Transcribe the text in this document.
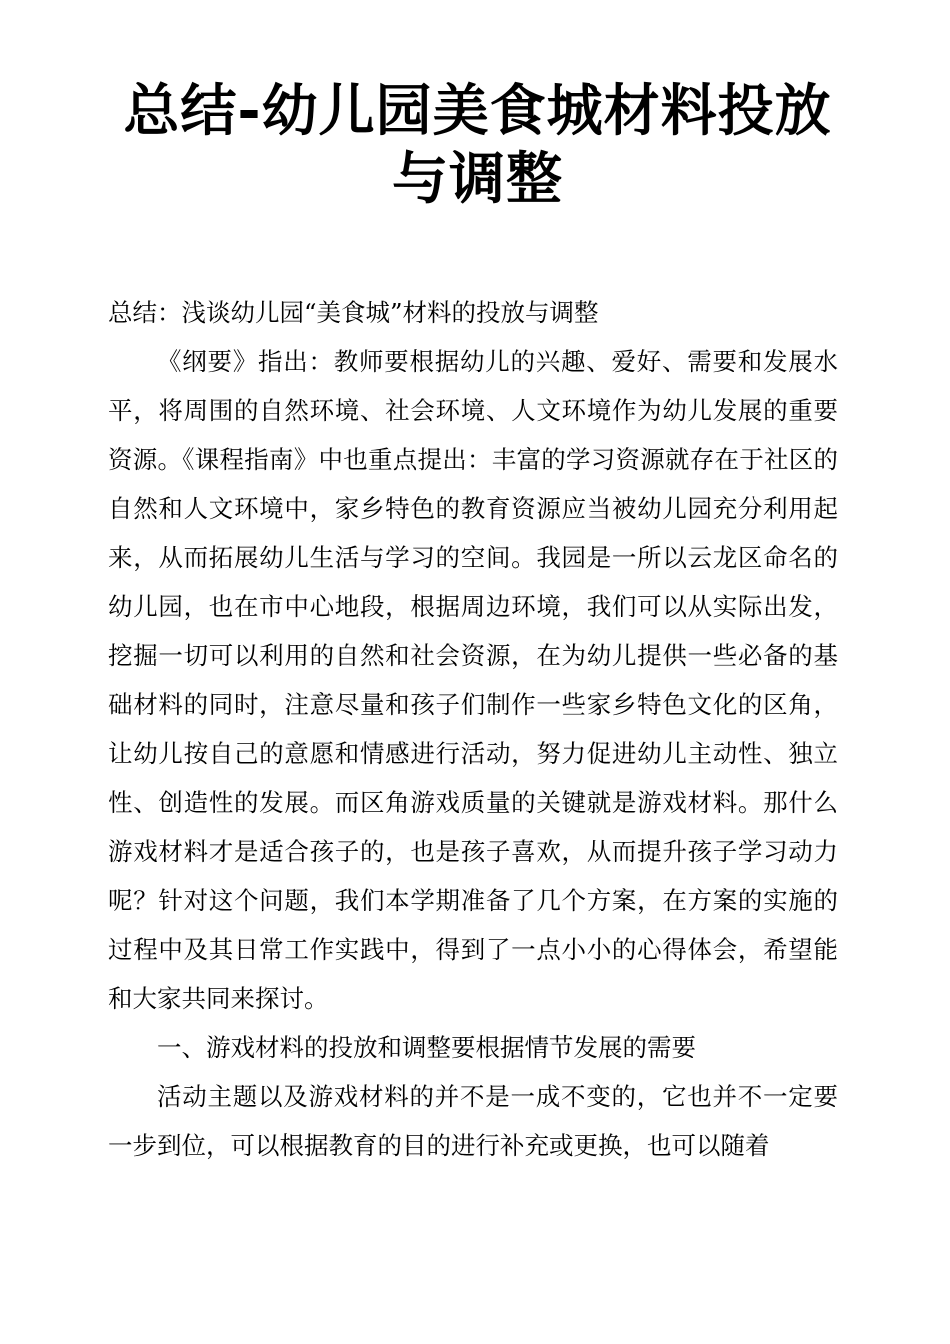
总结-幼儿园美食城材料投放与调整

总结：浅谈幼儿园“美食城”材料的投放与调整

《纲要》指出：教师要根据幼儿的兴趣、爱好、需要和发展水平，将周围的自然环境、社会环境、人文环境作为幼儿发展的重要资源。《课程指南》中也重点提出：丰富的学习资源就存在于社区的自然和人文环境中，家乡特色的教育资源应当被幼儿园充分利用起来，从而拓展幼儿生活与学习的空间。我园是一所以云龙区命名的幼儿园，也在市中心地段，根据周边环境，我们可以从实际出发，挖掘一切可以利用的自然和社会资源，在为幼儿提供一些必备的基础材料的同时，注意尽量和孩子们制作一些家乡特色文化的区角，让幼儿按自己的意愿和情感进行活动，努力促进幼儿主动性、独立性、创造性的发展。而区角游戏质量的关键就是游戏材料。那什么游戏材料才是适合孩子的，也是孩子喜欢，从而提升孩子学习动力呢？针对这个问题，我们本学期准备了几个方案，在方案的实施的过程中及其日常工作实践中，得到了一点小小的心得体会，希望能和大家共同来探讨。

一、游戏材料的投放和调整要根据情节发展的需要

活动主题以及游戏材料的并不是一成不变的，它也并不一定要一步到位，可以根据教育的目的进行补充或更换，也可以随着
